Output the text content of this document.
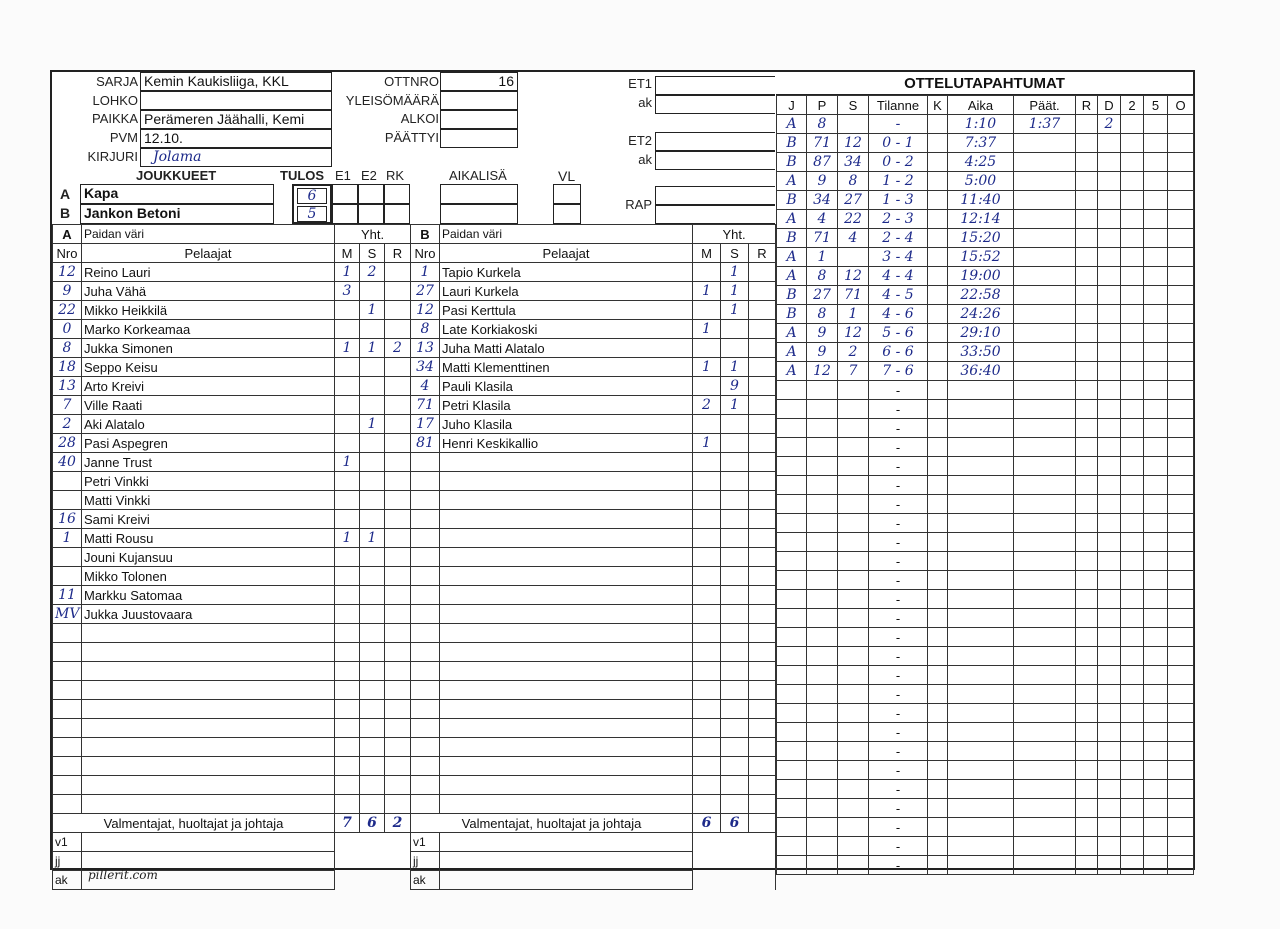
SARJA Kemin Kaukisliiga, KKL
LOHKO
PAIKKA Perämeren Jäähalli, Kemi
PVM 12.10.
KIRJURI	Jolama
OTTNRO	16
YLEISÖMÄÄRÄ
ALKOI
PÄÄTTYI
ET1
ak
ET2
ak
JOUKKUEET	TULOS E1 E2 RK	AIKALISÄ	VL
A Kapa
B Jankon Betoni
6
5
RAP
A	Paidan väri	Yht.		
Nro	Pelaajat	M	S	R
12	Reino Lauri	1	2	
9	Juha Vähä	3		
22	Mikko Heikkilä		1	
0	Marko Korkeamaa			
8	Jukka Simonen	1	1	2
18	Seppo Keisu			
13	Arto Kreivi			
7	Ville Raati			
2	Aki Alatalo		1	
28	Pasi Aspegren			
40	Janne Trust	1		
	Petri Vinkki			
	Matti Vinkki			
16	Sami Kreivi			
1	Matti Rousu	1	1	
	Jouni Kujansuu			
	Mikko Tolonen			
11	Markku Satomaa			
MV	Jukka Juustovaara			

Valmentajat, huoltajat ja johtaja		7	6	2
v1				
jj				
ak				
B	Paidan väri	Yht.		
Nro	Pelaajat	M	S	R
1	Tapio Kurkela		1	
27	Lauri Kurkela	1	1	
12	Pasi Kerttula		1	
8	Late Korkiakoski	1		
13	Juha Matti Alatalo			
34	Matti Klementtinen	1	1	
4	Pauli Klasila		9	
71	Petri Klasila	2	1	
17	Juho Klasila			
81	Henri Keskikallio	1		

Valmentajat, huoltajat ja johtaja		6	6	
v1				
jj				
ak				
OTTELUTAPAHTUMAT
J	P	S	Tilanne	K	Aika	Päät.	R	D	2	5	O
A	8		-		1:10	1:37		2			
B	71	12	0 - 1		7:37						
B	87	34	0 - 2		4:25						
A	9	8	1 - 2		5:00						
B	34	27	1 - 3		11:40						
A	4	22	2 - 3		12:14						
B	71	4	2 - 4		15:20						
A	1		3 - 4		15:52						
A	8	12	4 - 4		19:00						
B	27	71	4 - 5		22:58						
B	8	1	4 - 6		24:26						
A	9	12	5 - 6		29:10						
A	9	2	6 - 6		33:50						
A	12	7	7 - 6		36:40						
			-								
			-								
			-								
			-								
			-								
			-								
			-								
			-								
			-								
			-								
			-								
			-								
			-								
			-								
			-								
			-								
			-								
			-								
			-								
			-								
			-								
			-								
			-								
			-								
			-								
			-								
pillerit.com
